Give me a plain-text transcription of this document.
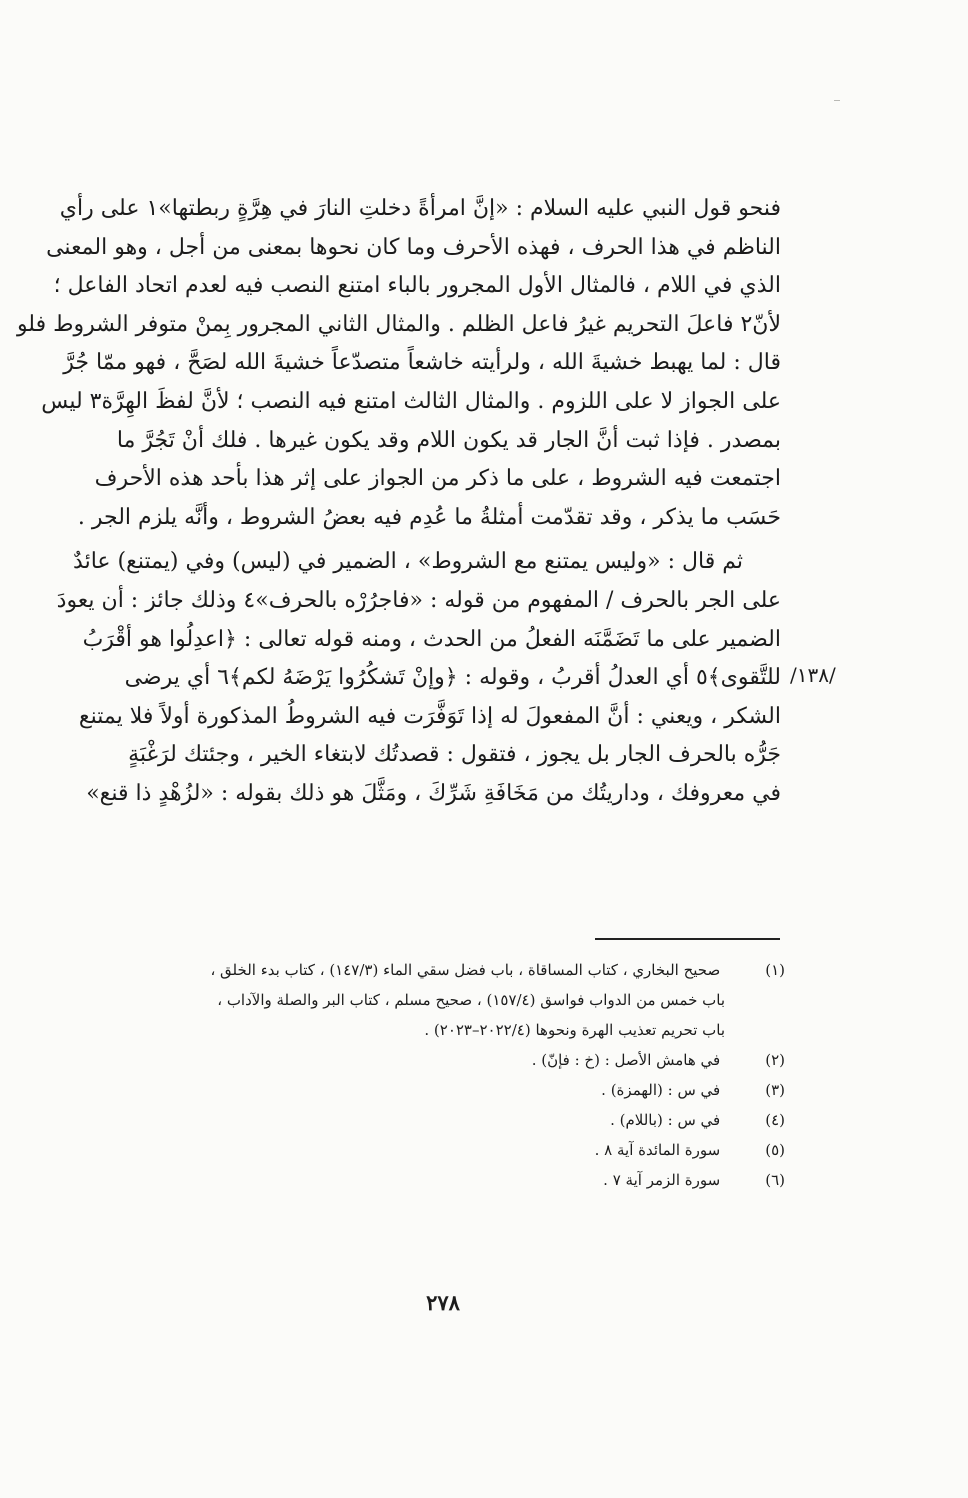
فنحو قول النبي عليه السلام : «إنَّ امرأةً دخلتِ النارَ في هِرَّةٍ ربطتها»١ على رأي
الناظم في هذا الحرف ، فهذه الأحرف وما كان نحوها بمعنى من أجل ، وهو المعنى
الذي في اللام ، فالمثال الأول المجرور بالباء امتنع النصب فيه لعدم اتحاد الفاعل ؛
لأنّ٢ فاعلَ التحريم غيرُ فاعل الظلم . والمثال الثاني المجرور بِمنْ متوفر الشروط فلو
قال : لما يهبط خشيةَ الله ، ولرأيته خاشعاً متصدّعاً خشيةَ الله لصَحَّ ، فهو ممّا جُرَّ
على الجواز لا على اللزوم . والمثال الثالث امتنع فيه النصب ؛ لأنَّ لفظَ الهِرَّة٣ ليس
بمصدر . فإذا ثبت أنَّ الجار قد يكون اللام وقد يكون غيرها . فلك أنْ تَجُرَّ ما
اجتمعت فيه الشروط ، على ما ذكر من الجواز على إثر هذا بأحد هذه الأحرف
حَسَب ما يذكر ، وقد تقدّمت أمثلةُ ما عُدِم فيه بعضُ الشروط ، وأنَّه يلزم الجر .
ثم قال : «وليس يمتنع مع الشروط» ، الضمير في (ليس) وفي (يمتنع) عائدٌ
على الجر بالحرف / المفهوم من قوله : «فاجرُرْه بالحرف»٤ وذلك جائز : أن يعودَ
الضمير على ما تَضَمَّنَه الفعلُ من الحدث ، ومنه قوله تعالى : ﴿اعدِلُوا هو أقْرَبُ
للتَّقوى﴾٥ أي العدلُ أقربُ ، وقوله : ﴿وإنْ تَشكُرُوا يَرْضَهُ لكم﴾٦ أي يرضى
الشكر ، ويعني : أنَّ المفعولَ له إذا تَوَفَّرَت فيه الشروطُ المذكورة أولاً فلا يمتنع
جَرُّه بالحرف الجار بل يجوز ، فتقول : قصدتُك لابتغاء الخير ، وجئتك لرَغْبَةٍ
في معروفك ، وداريتُك من مَخَافَةِ شَرِّكَ ، ومَثَّلَ هو ذلك بقوله : «لزُهْدٍ ذا قنع»
/١٣٨/
(١) صحيح البخاري ، كتاب المساقاة ، باب فضل سقي الماء (١٤٧/٣) ، كتاب بدء الخلق ،
باب خمس من الدواب فواسق (١٥٧/٤) ، صحيح مسلم ، كتاب البر والصلة والآداب ،
باب تحريم تعذيب الهرة ونحوها (٢٠٢٢/٤–٢٠٢٣) .
(٢) في هامش الأصل : (خ : فإنّ) .
(٣) في س : (الهمزة) .
(٤) في س : (باللام) .
(٥) سورة المائدة آية ٨ .
(٦) سورة الزمر آية ٧ .
٢٧٨
